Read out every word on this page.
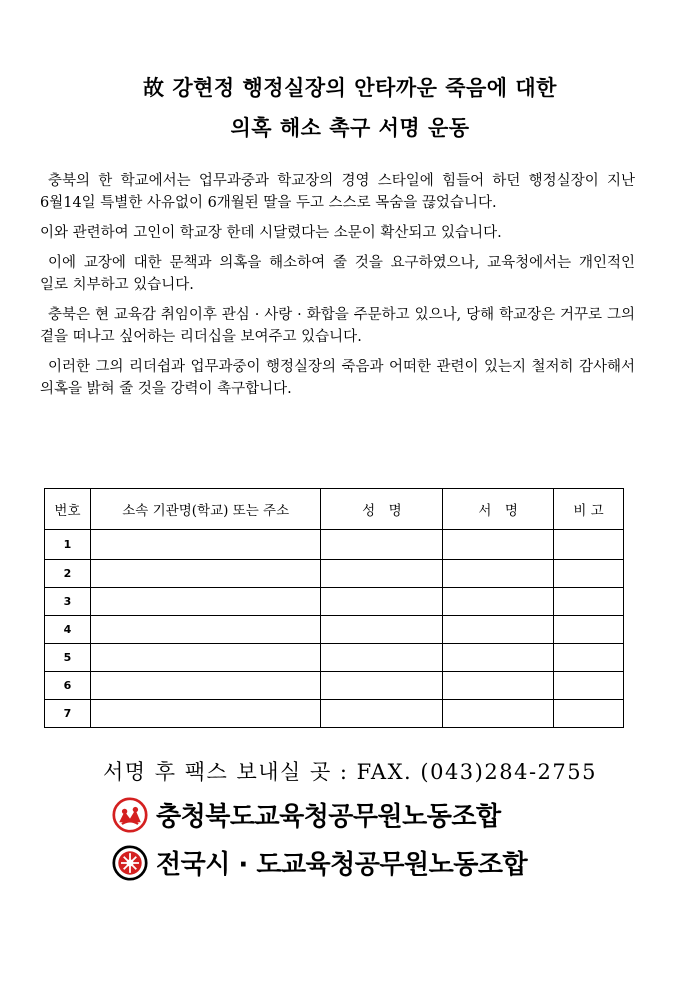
故 강현정 행정실장의 안타까운 죽음에 대한
의혹 해소 촉구 서명 운동

충북의 한 학교에서는 업무과중과 학교장의 경영 스타일에 힘들어 하던 행정실장이 지난 6월14일 특별한 사유없이 6개월된 딸을 두고 스스로 목숨을 끊었습니다.

이와 관련하여 고인이 학교장 한데 시달렸다는 소문이 확산되고 있습니다.

이에 교장에 대한 문책과 의혹을 해소하여 줄 것을 요구하였으나, 교육청에서는 개인적인 일로 치부하고 있습니다.

충북은 현 교육감 취임이후 관심 · 사랑 · 화합을 주문하고 있으나, 당해 학교장은 거꾸로 그의 곁을 떠나고 싶어하는 리더십을 보여주고 있습니다.

이러한 그의 리더쉽과 업무과중이 행정실장의 죽음과 어떠한 관련이 있는지 철저히 감사해서 의혹을 밝혀 줄 것을 강력이 촉구합니다.

번호	소속 기관명(학교) 또는 주소	성　명	서　명	비 고
1				
2				
3				
4				
5				
6				
7				
서명 후 팩스 보내실 곳 : FAX. (043)284-2755
충청북도교육청공무원노동조합
전국시 · 도교육청공무원노동조합
